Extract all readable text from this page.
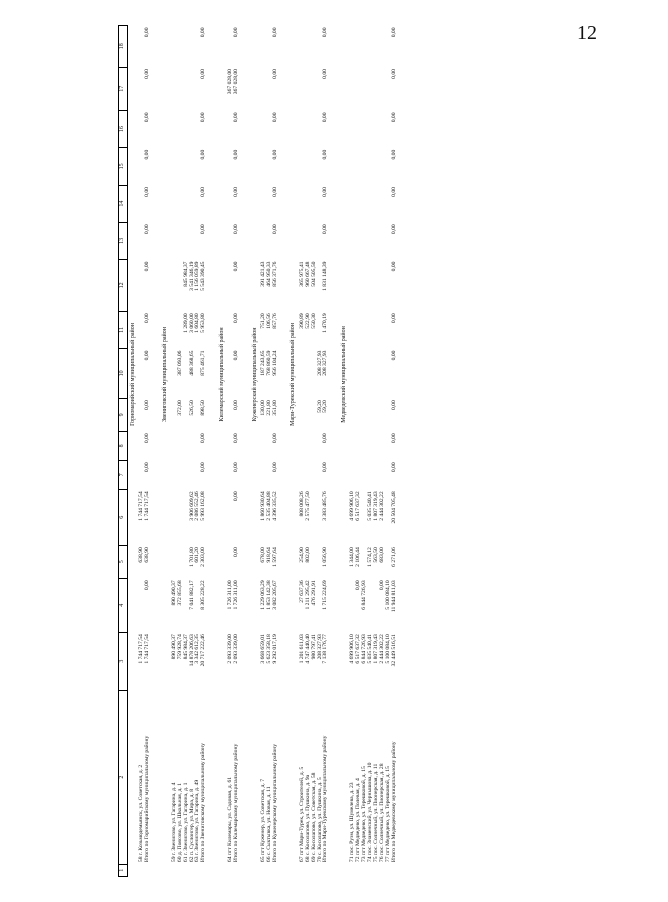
12
1	2	3	4	5	6	7	8	9	10	11	12	13	14	15	16	17	18
						Горномарийский муниципальный район											
	58 г. Козьмодемьянск, ул. Советская, д. 2	1 744 717,54		638,90	1 744 717,54												
	Итого по Горномарийскому муниципальному району	1 744 717,54	0,00	638,90	1 744 717,54	0,00	0,00	0,00	0,00	0,00	0,00	0,00	0,00	0,00	0,00	0,00	0,00

						Звениговский муниципальный район											
	59 г. Звенигово, ул. Гагарина, д. 4	890 490,37	890 490,37														
	60 д. Поясово, ул. Школьная, д. 1	759 928,74	372 855,68					372,00	387 093,06								
	61 г. Звенигово, ул. Гагарина, д. 1	845 984,37								1 289,00	845 984,37						
	62 п. Суслонгер, ул. Мира, д. 8	14 878 206,63	7 041 882,17	1 701,80	3 906 609,62			526,50	488 368,65	3 060,00	3 541 346,19						
	63 г. Звенигово, ул. Гагарина, д. 49	3 342 612,35		601,20	2 086 552,46					1 604,80	1 156 059,89						
	Итого по Звениговскому муниципальному району	20 717 222,46	8 305 228,22	2 303,00	5 993 162,08	0,00	0,00	898,50	875 461,71	5 953,80	5 543 390,45	0,00	0,00	0,00	0,00	0,00	0,00

						Килемарский муниципальный район											
	64 пгт Килемары, ул. Садовая, д. 61	2 093 339,00	1 726 311,00													367 028,00	
	Итого по Килемарскому муниципальному району	2 093 339,00	1 726 311,00	0,00	0,00	0,00	0,00	0,00	0,00	0,00	0,00	0,00	0,00	0,00	0,00	367 028,00	0,00

						Куженерский муниципальный район											
	65 пгт Куженер, ул. Советская, д. 7	3 668 659,01	1 229 063,29	678,00	1 860 930,64			130,00	187 243,65	751,20	391 421,43						
	66 с. Сыктывка, ул. Новая, д. 11	5 623 358,18	1 853 142,38	918,64	2 535 404,88			221,80	768 860,59	106,56	464 950,33						
	Итого по Куженерскому муниципальному району	9 292 017,19	3 082 205,67	1 597,64	4 396 335,52	0,00	0,00	351,80	956 104,24	857,76	856 371,76	0,00	0,00	0,00	0,00	0,00	0,00

						Мари-Турекский муниципальный район											
	67 пгт Мари-Турек, ул. Строителей, д. 5	1 201 611,03	27 637,36	254,90	808 008,26					390,89	365 975,41						
	68 с. Косолапово, ул. Пушкина, д. 9а	4 747 440,40	1 211 295,42	802,00	2 575 477,50					522,90	960 667,48						
	69 с. Косолапово, ул. Советская, д. 58	980 797,41	476 291,91							550,30	504 505,50						
	70 с. Косолапово, ул. Пушкина, д. 5	208 327,93						59,20	208 327,93								
	Итого по Мари-Турекскому муниципальному району	7 138 176,77	1 715 224,69	1 056,90	3 383 485,76	0,00	0,00	59,20	208 327,93	1 470,19	1 831 148,39	0,00	0,00	0,00	0,00	0,00	0,00

						Медведевский муниципальный район											
	71 пос. Руэм, ул. Шумелева, д. 23	4 699 906,10		1 344,00	4 699 906,10												
	72 пгт Медведево, ул. Полевая, д. 4	6 517 637,32	0,00	2 106,44	6 517 637,32												
	73 пгт Медведево, ул. Терешковой, д. 15	6 844 726,93	6 844 726,93														
	74 пос. Знаменский, ул. Чернышова, д. 10	5 035 540,41		1 574,12	5 035 540,41												
	75 пос. Солнечный, ул. Пионерская, д. 11	1 807 319,43		563,50	1 807 319,43												
	76 пос. Солнечный, ул. Пионерская, д. 28	2 444 302,22	0,00	683,00	2 444 302,22												
	77 пгт Медведево, ул. Терешковой, д. 15	5 100 084,10	5 100 084,10														
	Итого по Медведевскому муниципальному району	32 449 516,51	11 944 811,03	6 271,06	20 504 705,48	0,00	0,00	0,00	0,00	0,00	0,00	0,00	0,00	0,00	0,00	0,00	0,00
